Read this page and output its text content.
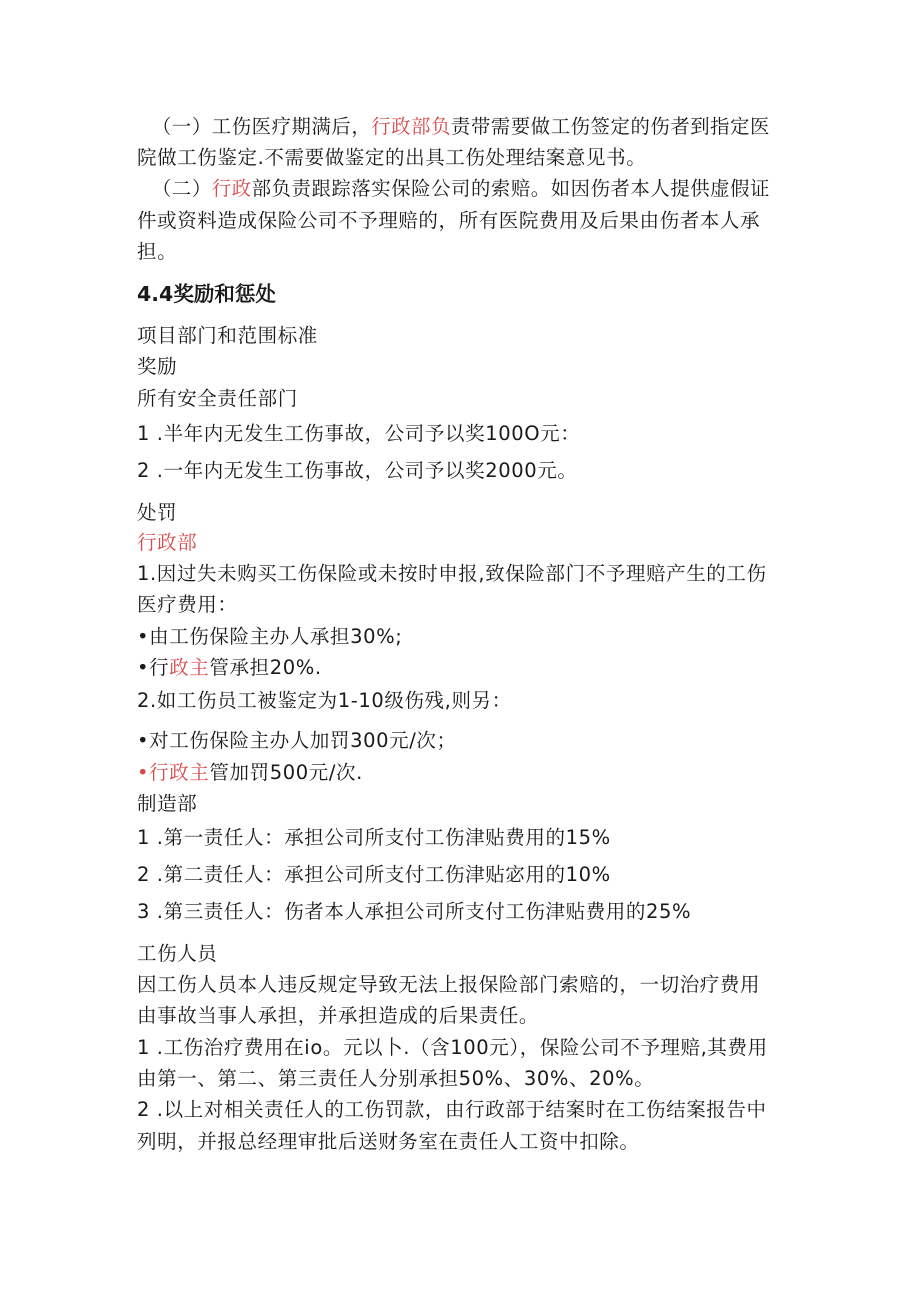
（一）工伤医疗期满后，行政部负责带需要做工伤签定的伤者到指定医
院做工伤鉴定.不需要做鉴定的出具工伤处理结案意见书。
（二）行政部负责跟踪落实保险公司的索赔。如因伤者本人提供虚假证
件或资料造成保险公司不予理赔的，所有医院费用及后果由伤者本人承
担。
4.4奖励和惩处
项目部门和范围标准
奖励
所有安全责任部门
1 .半年内无发生工伤事故，公司予以奖100O元：
2 .一年内无发生工伤事故，公司予以奖2000元。
处罚
行政部
1.因过失未购买工伤保险或未按时申报,致保险部门不予理赔产生的工伤
医疗费用：
•由工伤保险主办人承担30%;
•行政主管承担20%.
2.如工伤员工被鉴定为1-10级伤残,则另：
•对工伤保险主办人加罚300元/次；
•行政主管加罚500元/次.
制造部
1 .第一责任人：承担公司所支付工伤津贴费用的15%
2 .第二责任人：承担公司所支付工伤津贴宓用的10%
3 .第三责任人：伤者本人承担公司所支付工伤津贴费用的25%
工伤人员
因工伤人员本人违反规定导致无法上报保险部门索赔的，一切治疗费用
由事故当事人承担，并承担造成的后果责任。
1 .工伤治疗费用在io。元以卜.（含100元），保险公司不予理赔,其费用
由第一、第二、第三责任人分别承担50%、30%、20%。
2 .以上对相关责任人的工伤罚款，由行政部于结案时在工伤结案报告中
列明，并报总经理审批后送财务室在责任人工资中扣除。
